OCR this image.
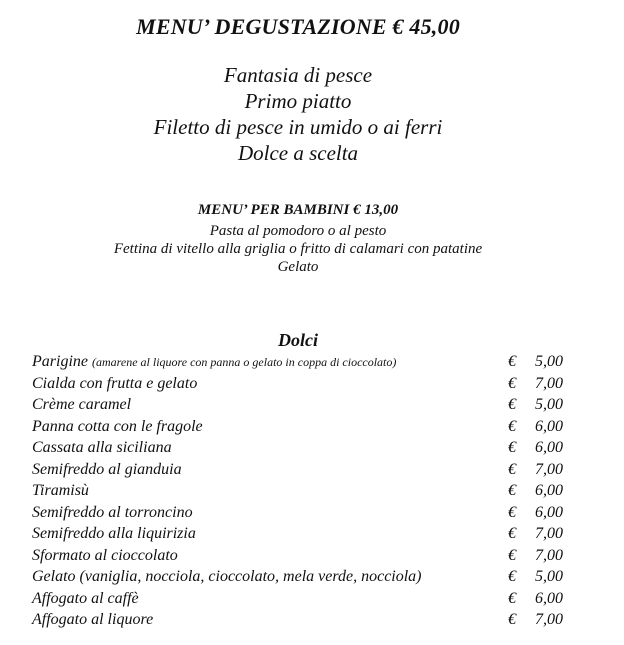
MENU’ DEGUSTAZIONE € 45,00
Fantasia di pesce
Primo piatto
Filetto di pesce in umido o ai ferri
Dolce a scelta
MENU’ PER BAMBINI € 13,00
Pasta al pomodoro o al pesto
Fettina di vitello alla griglia o fritto di calamari con patatine
Gelato
Dolci
Parigine (amarene al liquore con panna o gelato in coppa di cioccolato)	€ 5,00
Cialda con frutta e gelato	€ 7,00
Crème caramel	€ 5,00
Panna cotta con le fragole	€ 6,00
Cassata alla siciliana	€ 6,00
Semifreddo al gianduia	€ 7,00
Tiramisù	€ 6,00
Semifreddo al torroncino	€ 6,00
Semifreddo alla liquirizia	€ 7,00
Sformato al cioccolato	€ 7,00
Gelato (vaniglia, nocciola, cioccolato, mela verde, nocciola)	€ 5,00
Affogato al caffè	€ 6,00
Affogato al liquore	€ 7,00
